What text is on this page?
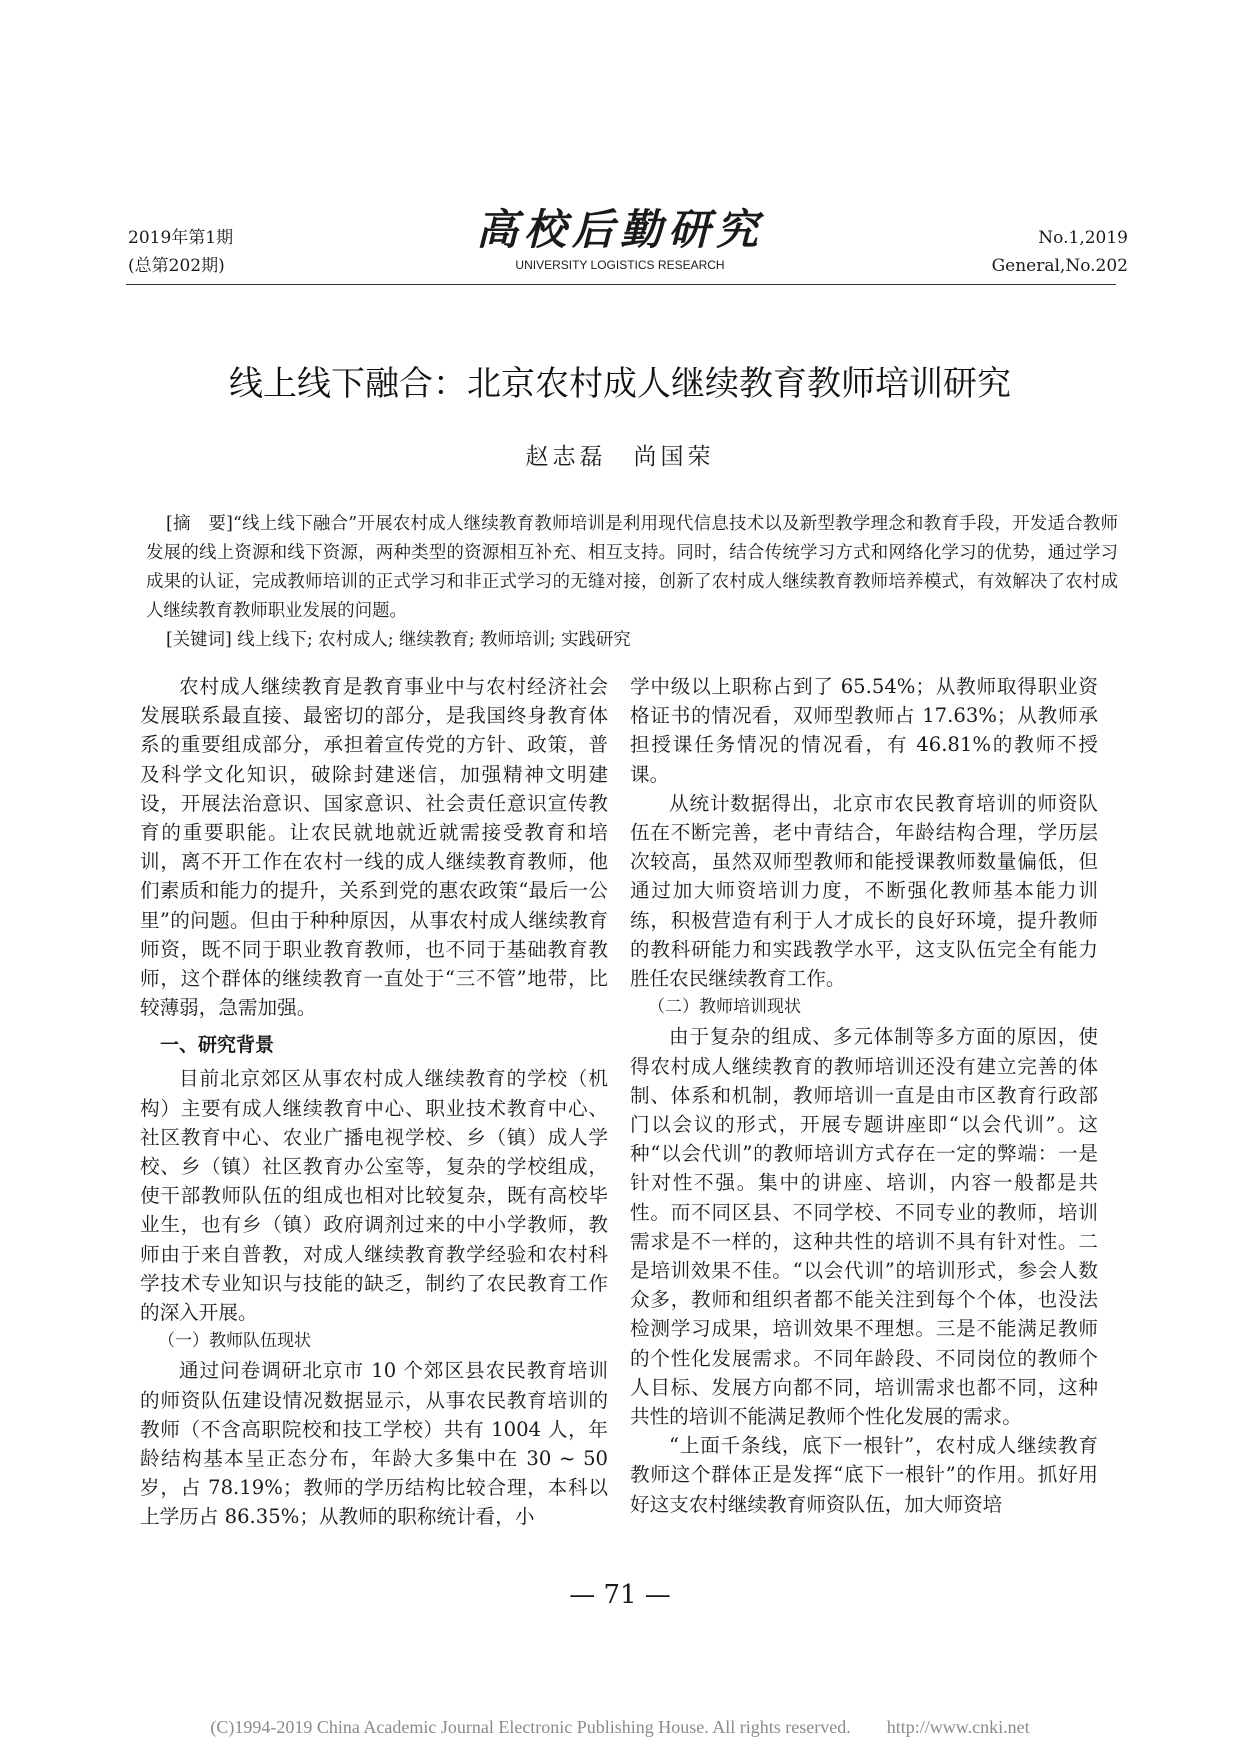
2019年第1期
(总第202期)
高校后勤研究
UNIVERSITY LOGISTICS RESEARCH
No.1,2019
General,No.202
线上线下融合：北京农村成人继续教育教师培训研究
赵志磊　尚国荣

[摘　要]“线上线下融合”开展农村成人继续教育教师培训是利用现代信息技术以及新型教学理念和教育手段，开发适合教师发展的线上资源和线下资源，两种类型的资源相互补充、相互支持。同时，结合传统学习方式和网络化学习的优势，通过学习成果的认证，完成教师培训的正式学习和非正式学习的无缝对接，创新了农村成人继续教育教师培养模式，有效解决了农村成人继续教育教师职业发展的问题。

[关键词] 线上线下; 农村成人; 继续教育; 教师培训; 实践研究

农村成人继续教育是教育事业中与农村经济社会发展联系最直接、最密切的部分，是我国终身教育体系的重要组成部分，承担着宣传党的方针、政策，普及科学文化知识，破除封建迷信，加强精神文明建设，开展法治意识、国家意识、社会责任意识宣传教育的重要职能。让农民就地就近就需接受教育和培训，离不开工作在农村一线的成人继续教育教师，他们素质和能力的提升，关系到党的惠农政策“最后一公里”的问题。但由于种种原因，从事农村成人继续教育师资，既不同于职业教育教师，也不同于基础教育教师，这个群体的继续教育一直处于“三不管”地带，比较薄弱，急需加强。

一、研究背景

目前北京郊区从事农村成人继续教育的学校（机构）主要有成人继续教育中心、职业技术教育中心、社区教育中心、农业广播电视学校、乡（镇）成人学校、乡（镇）社区教育办公室等，复杂的学校组成，使干部教师队伍的组成也相对比较复杂，既有高校毕业生，也有乡（镇）政府调剂过来的中小学教师，教师由于来自普教，对成人继续教育教学经验和农村科学技术专业知识与技能的缺乏，制约了农民教育工作的深入开展。

（一）教师队伍现状

通过问卷调研北京市 10 个郊区县农民教育培训的师资队伍建设情况数据显示，从事农民教育培训的教师（不含高职院校和技工学校）共有 1004 人，年龄结构基本呈正态分布，年龄大多集中在 30 ~ 50 岁，占 78.19%；教师的学历结构比较合理，本科以上学历占 86.35%；从教师的职称统计看，小

学中级以上职称占到了 65.54%；从教师取得职业资格证书的情况看，双师型教师占 17.63%；从教师承担授课任务情况的情况看，有 46.81%的教师不授课。

从统计数据得出，北京市农民教育培训的师资队伍在不断完善，老中青结合，年龄结构合理，学历层次较高，虽然双师型教师和能授课教师数量偏低，但通过加大师资培训力度，不断强化教师基本能力训练，积极营造有利于人才成长的良好环境，提升教师的教科研能力和实践教学水平，这支队伍完全有能力胜任农民继续教育工作。

（二）教师培训现状

由于复杂的组成、多元体制等多方面的原因，使得农村成人继续教育的教师培训还没有建立完善的体制、体系和机制，教师培训一直是由市区教育行政部门以会议的形式，开展专题讲座即“以会代训”。这种“以会代训”的教师培训方式存在一定的弊端：一是针对性不强。集中的讲座、培训，内容一般都是共性。而不同区县、不同学校、不同专业的教师，培训需求是不一样的，这种共性的培训不具有针对性。二是培训效果不佳。“以会代训”的培训形式，参会人数众多，教师和组织者都不能关注到每个个体，也没法检测学习成果，培训效果不理想。三是不能满足教师的个性化发展需求。不同年龄段、不同岗位的教师个人目标、发展方向都不同，培训需求也都不同，这种共性的培训不能满足教师个性化发展的需求。

“上面千条线，底下一根针”，农村成人继续教育教师这个群体正是发挥“底下一根针”的作用。抓好用好这支农村继续教育师资队伍，加大师资培

— 71 —
(C)1994-2019 China Academic Journal Electronic Publishing House. All rights reserved.　　http://www.cnki.net
